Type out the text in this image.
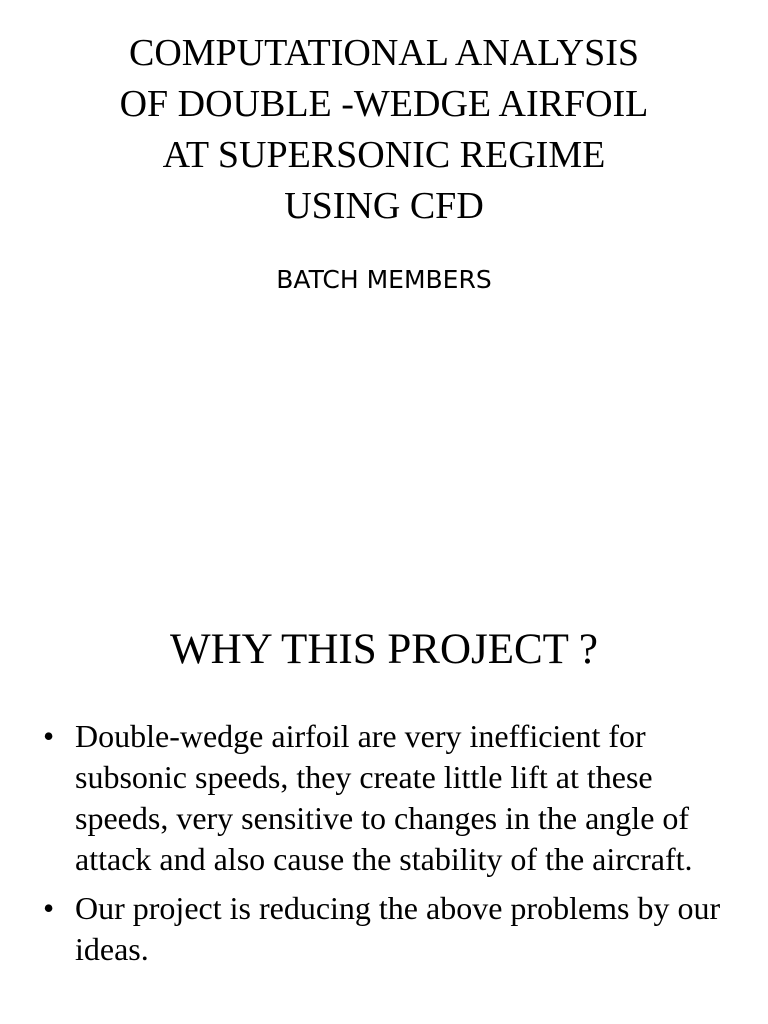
COMPUTATIONAL ANALYSIS
OF DOUBLE -WEDGE AIRFOIL
AT SUPERSONIC REGIME
USING CFD

BATCH MEMBERS

WHY THIS PROJECT ?
• Double-wedge airfoil are very inefficient for subsonic speeds, they create little lift at these speeds, very sensitive to changes in the angle of attack and also cause the stability of the aircraft.
• Our project is reducing the above problems by our ideas.
